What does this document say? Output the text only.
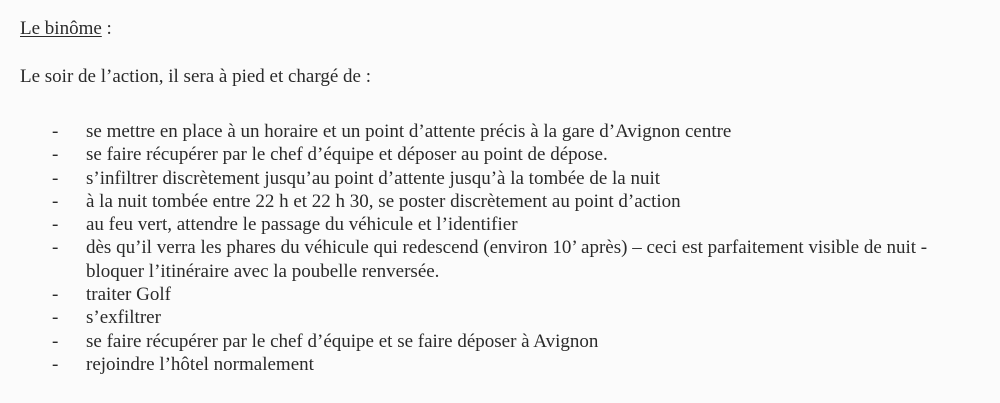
Le binôme :
Le soir de l’action, il sera à pied et chargé de :
- se mettre en place à un horaire et un point d’attente précis à la gare d’Avignon centre
- se faire récupérer par le chef d’équipe et déposer au point de dépose.
- s’infiltrer discrètement jusqu’au point d’attente jusqu’à la tombée de la nuit
- à la nuit tombée entre 22 h et 22 h 30, se poster discrètement au point d’action
- au feu vert, attendre le passage du véhicule et l’identifier
- dès qu’il verra les phares du véhicule qui redescend (environ 10’ après) – ceci est parfaitement visible de nuit - bloquer l’itinéraire avec la poubelle renversée.
- traiter Golf
- s’exfiltrer
- se faire récupérer par le chef d’équipe et se faire déposer à Avignon
- rejoindre l’hôtel normalement
